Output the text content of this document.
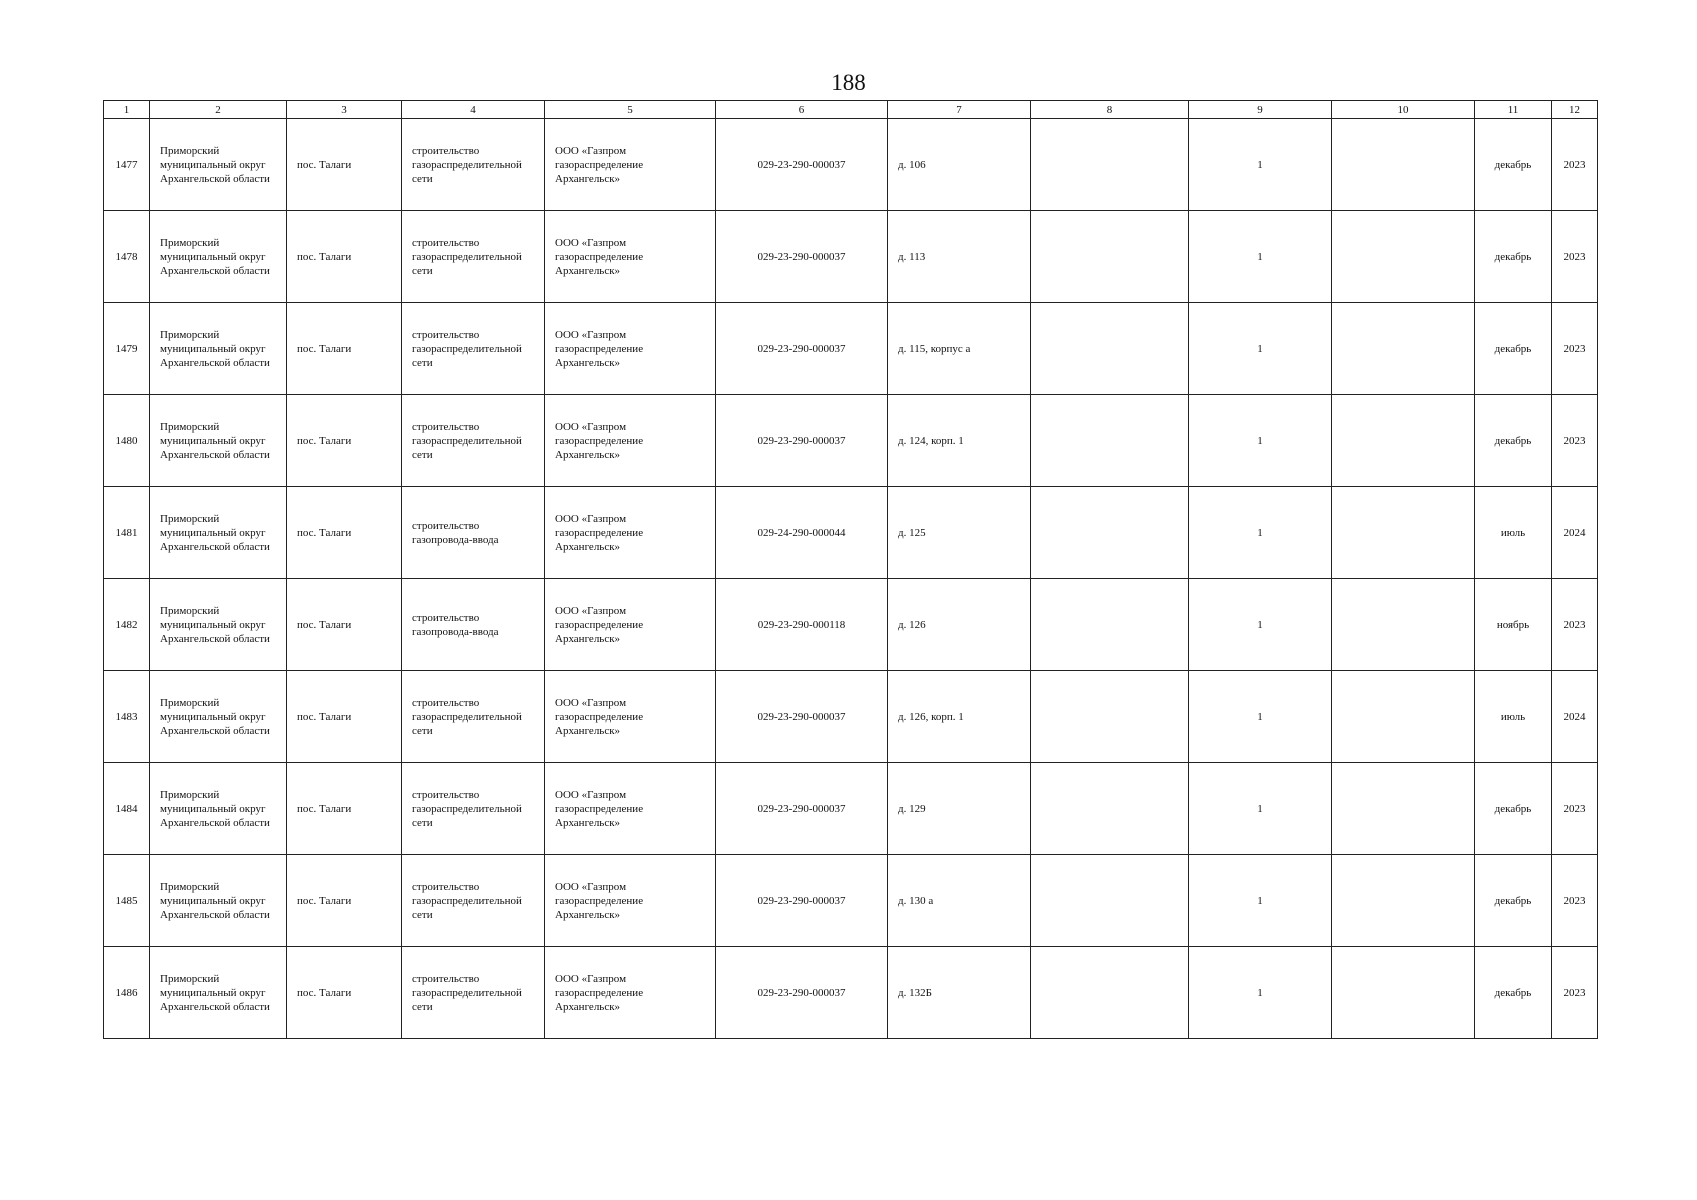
188
1	2	3	4	5	6	7	8	9	10	11	12
1477	Приморский муниципальный округ Архангельской области	пос. Талаги	строительство газораспределительной сети	ООО «Газпром газораспределение Архангельск»	029-23-290-000037	д. 106		1		декабрь	2023
1478	Приморский муниципальный округ Архангельской области	пос. Талаги	строительство газораспределительной сети	ООО «Газпром газораспределение Архангельск»	029-23-290-000037	д. 113		1		декабрь	2023
1479	Приморский муниципальный округ Архангельской области	пос. Талаги	строительство газораспределительной сети	ООО «Газпром газораспределение Архангельск»	029-23-290-000037	д. 115, корпус а		1		декабрь	2023
1480	Приморский муниципальный округ Архангельской области	пос. Талаги	строительство газораспределительной сети	ООО «Газпром газораспределение Архангельск»	029-23-290-000037	д. 124, корп. 1		1		декабрь	2023
1481	Приморский муниципальный округ Архангельской области	пос. Талаги	строительство газопровода-ввода	ООО «Газпром газораспределение Архангельск»	029-24-290-000044	д. 125		1		июль	2024
1482	Приморский муниципальный округ Архангельской области	пос. Талаги	строительство газопровода-ввода	ООО «Газпром газораспределение Архангельск»	029-23-290-000118	д. 126		1		ноябрь	2023
1483	Приморский муниципальный округ Архангельской области	пос. Талаги	строительство газораспределительной сети	ООО «Газпром газораспределение Архангельск»	029-23-290-000037	д. 126, корп. 1		1		июль	2024
1484	Приморский муниципальный округ Архангельской области	пос. Талаги	строительство газораспределительной сети	ООО «Газпром газораспределение Архангельск»	029-23-290-000037	д. 129		1		декабрь	2023
1485	Приморский муниципальный округ Архангельской области	пос. Талаги	строительство газораспределительной сети	ООО «Газпром газораспределение Архангельск»	029-23-290-000037	д. 130 а		1		декабрь	2023
1486	Приморский муниципальный округ Архангельской области	пос. Талаги	строительство газораспределительной сети	ООО «Газпром газораспределение Архангельск»	029-23-290-000037	д. 132Б		1		декабрь	2023
